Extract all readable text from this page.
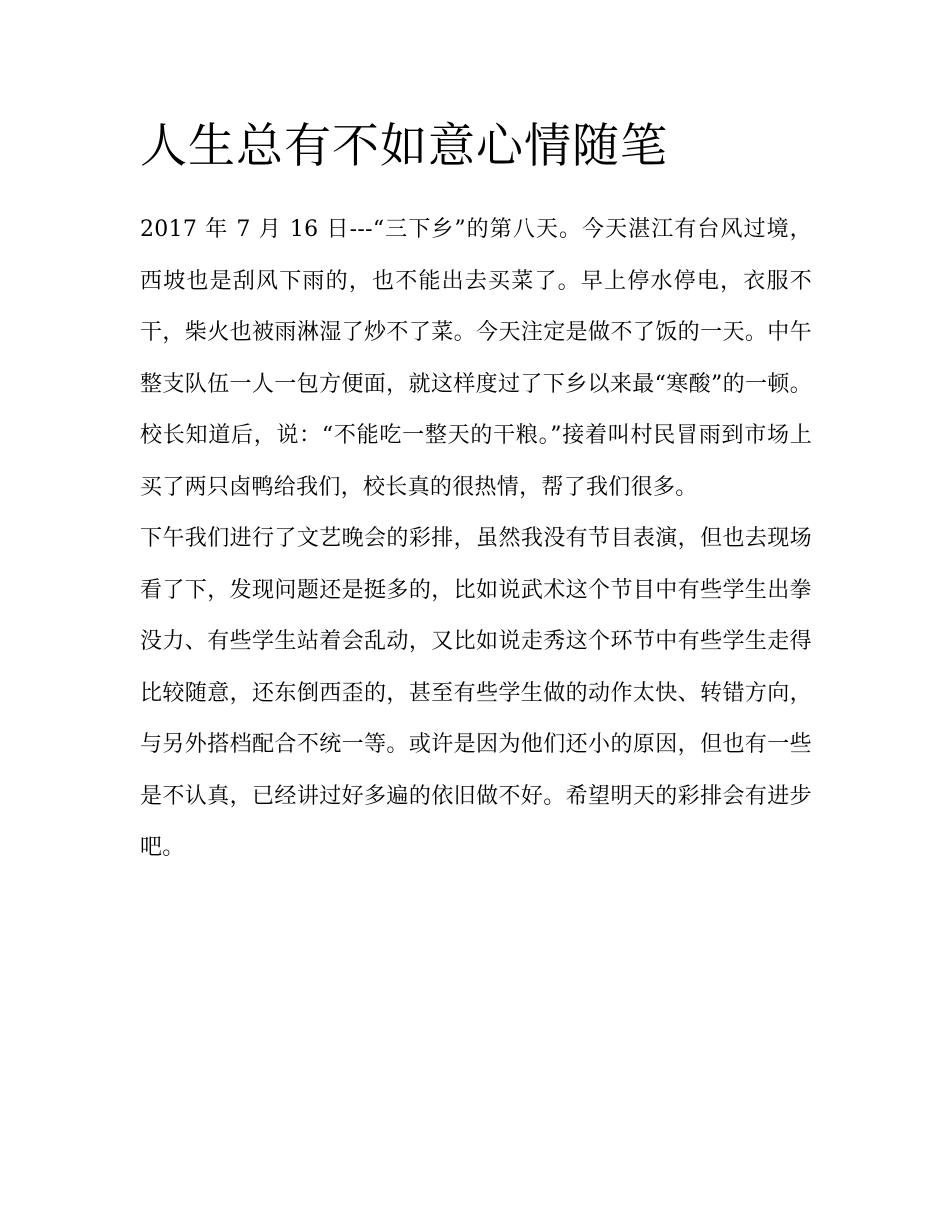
人生总有不如意心情随笔

2017 年 7 月 16 日---“三下乡”的第八天。今天湛江有台风过境，西坡也是刮风下雨的，也不能出去买菜了。早上停水停电，衣服不干，柴火也被雨淋湿了炒不了菜。今天注定是做不了饭的一天。中午整支队伍一人一包方便面，就这样度过了下乡以来最“寒酸”的一顿。校长知道后，说：“不能吃一整天的干粮。”接着叫村民冒雨到市场上买了两只卤鸭给我们，校长真的很热情，帮了我们很多。

下午我们进行了文艺晚会的彩排，虽然我没有节目表演，但也去现场看了下，发现问题还是挺多的，比如说武术这个节目中有些学生出拳没力、有些学生站着会乱动，又比如说走秀这个环节中有些学生走得比较随意，还东倒西歪的，甚至有些学生做的动作太快、转错方向，与另外搭档配合不统一等。或许是因为他们还小的原因，但也有一些是不认真，已经讲过好多遍的依旧做不好。希望明天的彩排会有进步吧。
